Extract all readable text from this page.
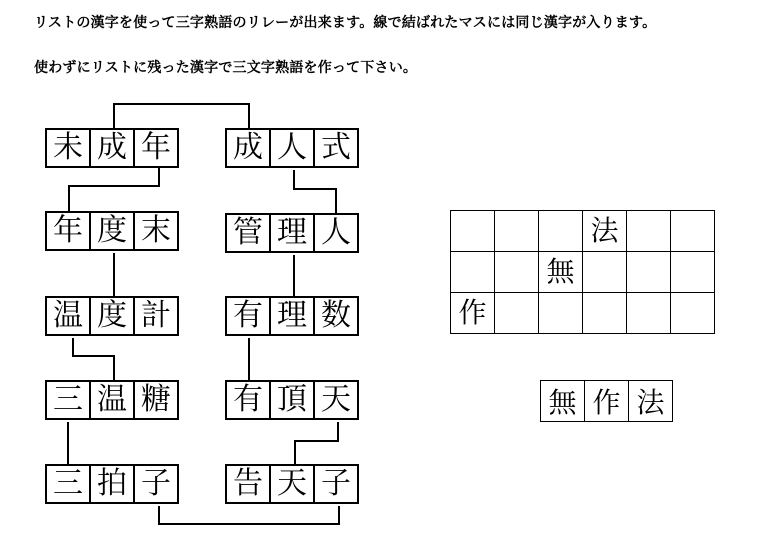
リストの漢字を使って三字熟語のリレーが出来ます。線で結ばれたマスには同じ漢字が入ります。
使わずにリストに残った漢字で三文字熟語を作って下さい。
未 成 年
年 度 末
温 度 計
三 温 糖
三 拍 子
成 人 式
管 理 人
有 理 数
有 頂 天
告 天 子
			法		
		無			
作					
無 作 法
